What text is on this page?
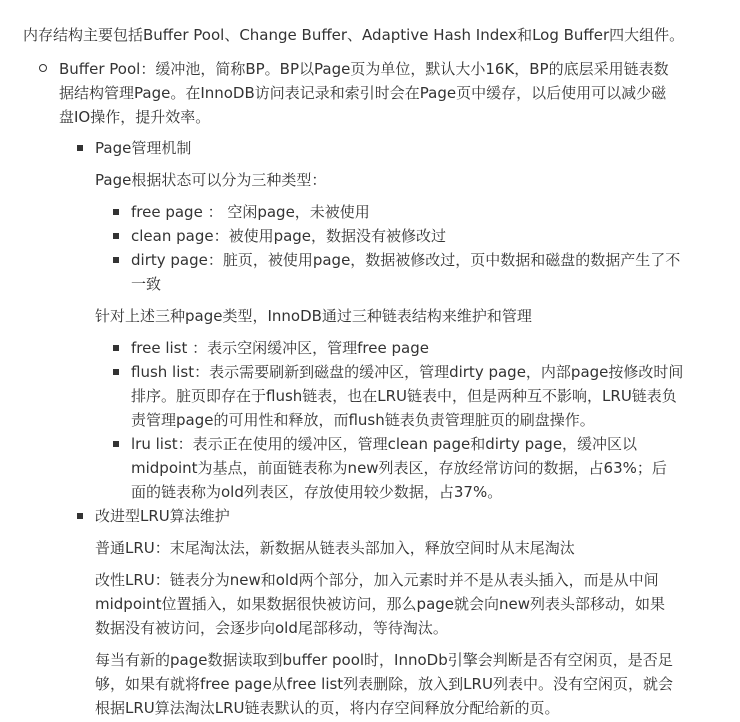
内存结构主要包括Buffer Pool、Change Buffer、Adaptive Hash Index和Log Buffer四大组件。
Buffer Pool：缓冲池，简称BP。BP以Page页为单位，默认大小16K，BP的底层采用链表数
据结构管理Page。在InnoDB访问表记录和索引时会在Page页中缓存，以后使用可以减少磁
盘IO操作，提升效率。
Page管理机制
Page根据状态可以分为三种类型：
free page ： 空闲page，未被使用
clean page：被使用page，数据没有被修改过
dirty page：脏页，被使用page，数据被修改过，页中数据和磁盘的数据产生了不
一致
针对上述三种page类型，InnoDB通过三种链表结构来维护和管理
free list ：表示空闲缓冲区，管理free page
flush list：表示需要刷新到磁盘的缓冲区，管理dirty page，内部page按修改时间
排序。脏页即存在于flush链表，也在LRU链表中，但是两种互不影响，LRU链表负
责管理page的可用性和释放，而flush链表负责管理脏页的刷盘操作。
lru list：表示正在使用的缓冲区，管理clean page和dirty page，缓冲区以
midpoint为基点，前面链表称为new列表区，存放经常访问的数据，占63%；后
面的链表称为old列表区，存放使用较少数据，占37%。
改进型LRU算法维护
普通LRU：末尾淘汰法，新数据从链表头部加入，释放空间时从末尾淘汰
改性LRU：链表分为new和old两个部分，加入元素时并不是从表头插入，而是从中间
midpoint位置插入，如果数据很快被访问，那么page就会向new列表头部移动，如果
数据没有被访问，会逐步向old尾部移动，等待淘汰。
每当有新的page数据读取到buffer pool时，InnoDb引擎会判断是否有空闲页，是否足
够，如果有就将free page从free list列表删除，放入到LRU列表中。没有空闲页，就会
根据LRU算法淘汰LRU链表默认的页，将内存空间释放分配给新的页。
